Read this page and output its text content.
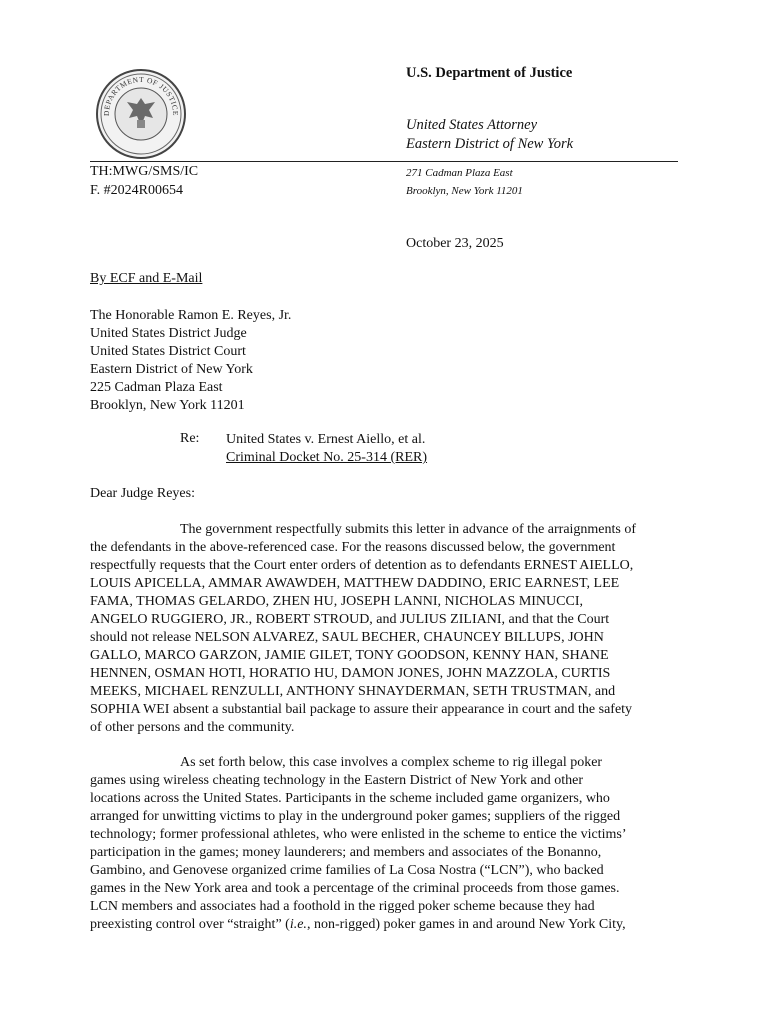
DEPARTMENT OF JUSTICE
U.S. Department of Justice
United States Attorney
Eastern District of New York
TH:MWG/SMS/IC
F. #2024R00654
271 Cadman Plaza East
Brooklyn, New York 11201
October 23, 2025
By ECF and E-Mail
The Honorable Ramon E. Reyes, Jr.
United States District Judge
United States District Court
Eastern District of New York
225 Cadman Plaza East
Brooklyn, New York 11201
Re: United States v. Ernest Aiello, et al.
Criminal Docket No. 25-314 (RER)
Dear Judge Reyes:
The government respectfully submits this letter in advance of the arraignments of
the defendants in the above-referenced case. For the reasons discussed below, the government
respectfully requests that the Court enter orders of detention as to defendants ERNEST AIELLO,
LOUIS APICELLA, AMMAR AWAWDEH, MATTHEW DADDINO, ERIC EARNEST, LEE
FAMA, THOMAS GELARDO, ZHEN HU, JOSEPH LANNI, NICHOLAS MINUCCI,
ANGELO RUGGIERO, JR., ROBERT STROUD, and JULIUS ZILIANI, and that the Court
should not release NELSON ALVAREZ, SAUL BECHER, CHAUNCEY BILLUPS, JOHN
GALLO, MARCO GARZON, JAMIE GILET, TONY GOODSON, KENNY HAN, SHANE
HENNEN, OSMAN HOTI, HORATIO HU, DAMON JONES, JOHN MAZZOLA, CURTIS
MEEKS, MICHAEL RENZULLI, ANTHONY SHNAYDERMAN, SETH TRUSTMAN, and
SOPHIA WEI absent a substantial bail package to assure their appearance in court and the safety
of other persons and the community.
As set forth below, this case involves a complex scheme to rig illegal poker
games using wireless cheating technology in the Eastern District of New York and other
locations across the United States. Participants in the scheme included game organizers, who
arranged for unwitting victims to play in the underground poker games; suppliers of the rigged
technology; former professional athletes, who were enlisted in the scheme to entice the victims’
participation in the games; money launderers; and members and associates of the Bonanno,
Gambino, and Genovese organized crime families of La Cosa Nostra (“LCN”), who backed
games in the New York area and took a percentage of the criminal proceeds from those games.
LCN members and associates had a foothold in the rigged poker scheme because they had
preexisting control over “straight” (i.e., non-rigged) poker games in and around New York City,
